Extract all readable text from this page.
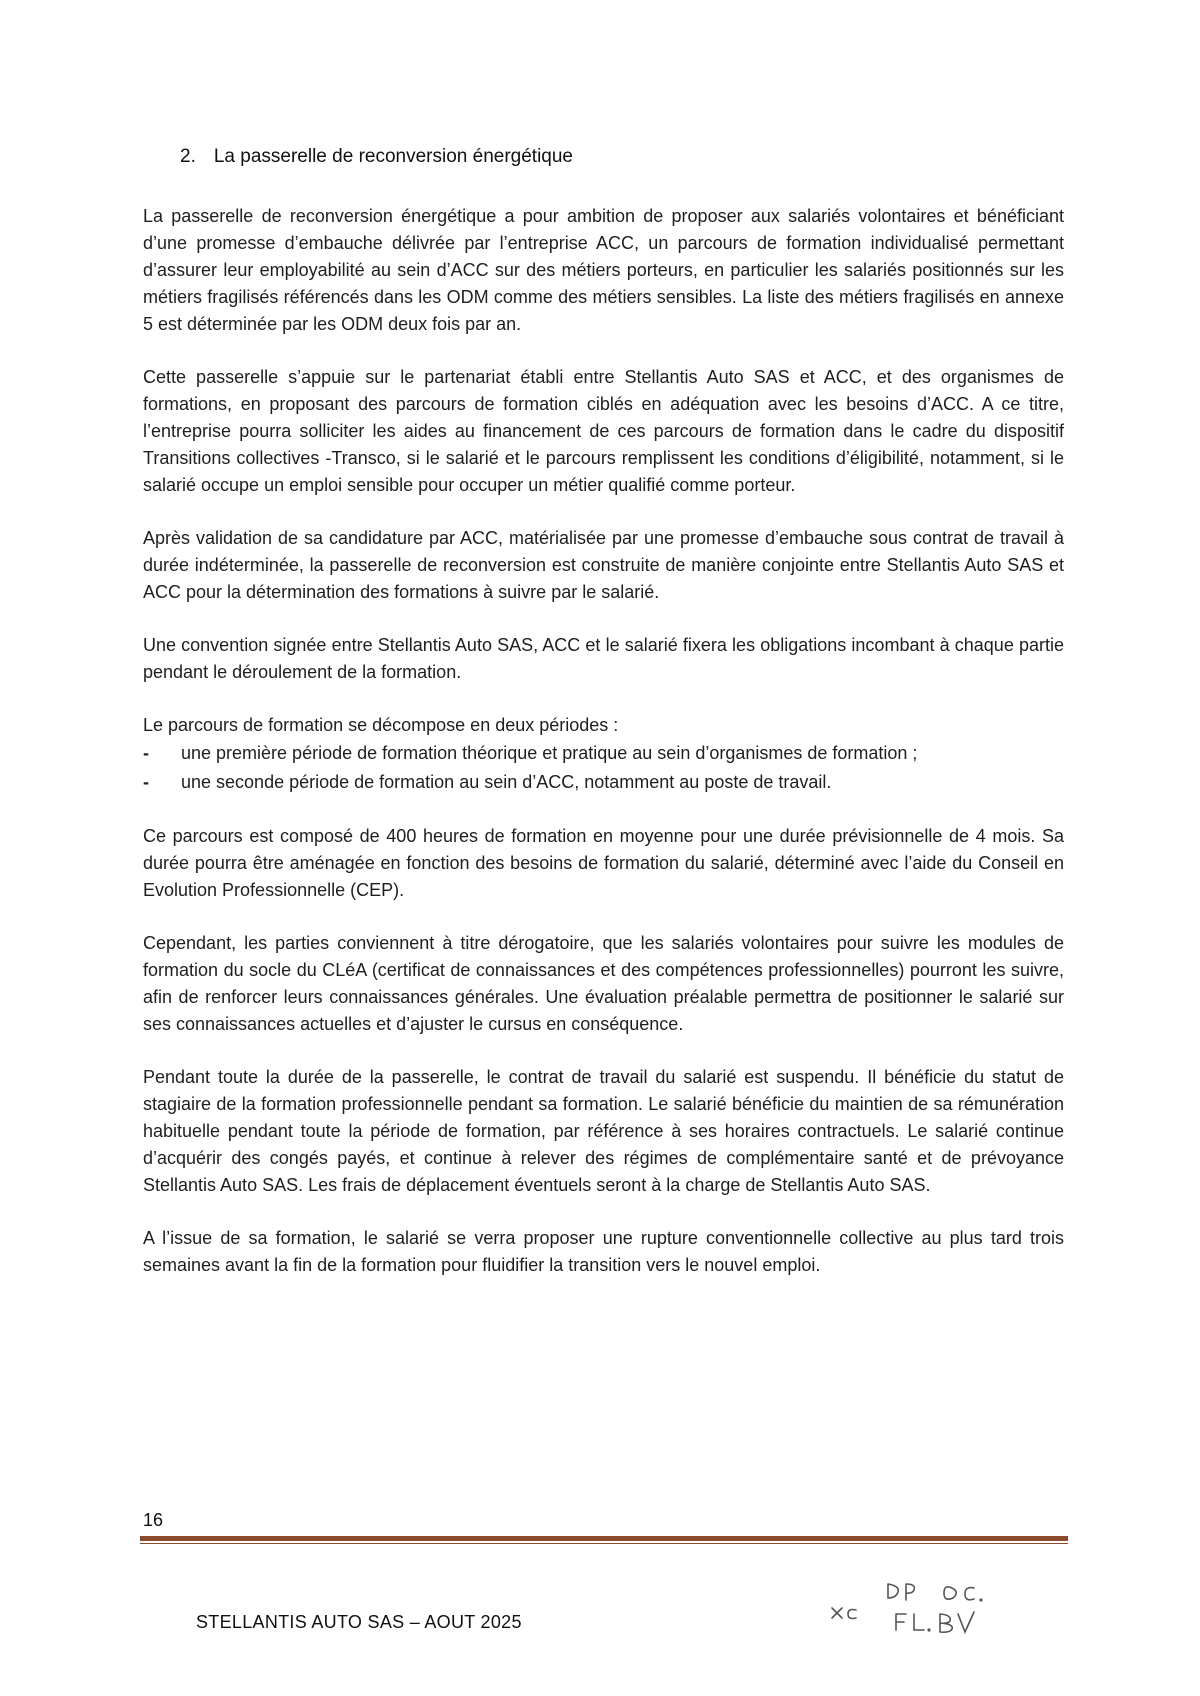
2. La passerelle de reconversion énergétique

La passerelle de reconversion énergétique a pour ambition de proposer aux salariés volontaires et bénéficiant d’une promesse d’embauche délivrée par l’entreprise ACC, un parcours de formation individualisé permettant d’assurer leur employabilité au sein d’ACC sur des métiers porteurs, en particulier les salariés positionnés sur les métiers fragilisés référencés dans les ODM comme des métiers sensibles. La liste des métiers fragilisés en annexe 5 est déterminée par les ODM deux fois par an.

Cette passerelle s’appuie sur le partenariat établi entre Stellantis Auto SAS et ACC, et des organismes de formations, en proposant des parcours de formation ciblés en adéquation avec les besoins d’ACC. A ce titre, l’entreprise pourra solliciter les aides au financement de ces parcours de formation dans le cadre du dispositif Transitions collectives -Transco, si le salarié et le parcours remplissent les conditions d’éligibilité, notamment, si le salarié occupe un emploi sensible pour occuper un métier qualifié comme porteur.

Après validation de sa candidature par ACC, matérialisée par une promesse d’embauche sous contrat de travail à durée indéterminée, la passerelle de reconversion est construite de manière conjointe entre Stellantis Auto SAS et ACC pour la détermination des formations à suivre par le salarié.

Une convention signée entre Stellantis Auto SAS, ACC et le salarié fixera les obligations incombant à chaque partie pendant le déroulement de la formation.

Le parcours de formation se décompose en deux périodes :

-	une première période de formation théorique et pratique au sein d’organismes de formation ;
-	une seconde période de formation au sein d’ACC, notamment au poste de travail.

Ce parcours est composé de 400 heures de formation en moyenne pour une durée prévisionnelle de 4 mois. Sa durée pourra être aménagée en fonction des besoins de formation du salarié, déterminé avec l’aide du Conseil en Evolution Professionnelle (CEP).

Cependant, les parties conviennent à titre dérogatoire, que les salariés volontaires pour suivre les modules de formation du socle du CLéA (certificat de connaissances et des compétences professionnelles) pourront les suivre, afin de renforcer leurs connaissances générales. Une évaluation préalable permettra de positionner le salarié sur ses connaissances actuelles et d’ajuster le cursus en conséquence.

Pendant toute la durée de la passerelle, le contrat de travail du salarié est suspendu. Il bénéficie du statut de stagiaire de la formation professionnelle pendant sa formation. Le salarié bénéficie du maintien de sa rémunération habituelle pendant toute la période de formation, par référence à ses horaires contractuels. Le salarié continue d’acquérir des congés payés, et continue à relever des régimes de complémentaire santé et de prévoyance Stellantis Auto SAS. Les frais de déplacement éventuels seront à la charge de Stellantis Auto SAS.

A l’issue de sa formation, le salarié se verra proposer une rupture conventionnelle collective au plus tard trois semaines avant la fin de la formation pour fluidifier la transition vers le nouvel emploi.

16
STELLANTIS AUTO SAS – AOUT 2025
